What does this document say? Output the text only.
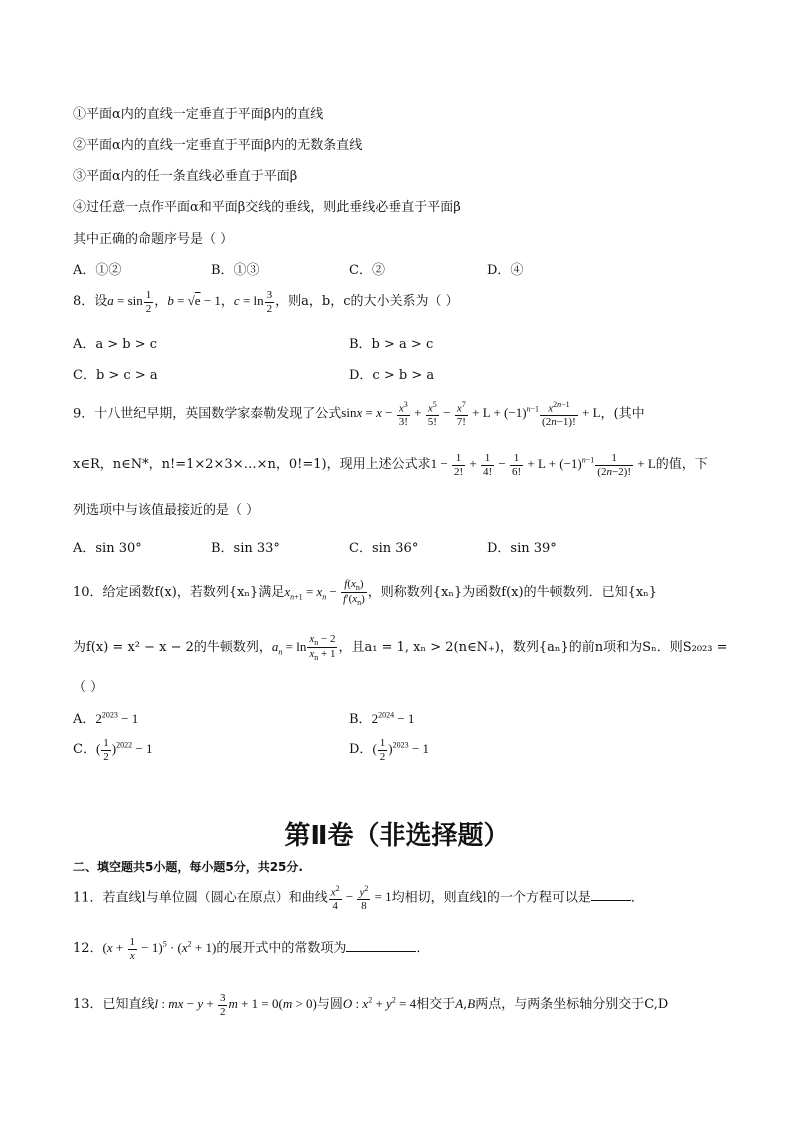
①平面α内的直线一定垂直于平面β内的直线
②平面α内的直线一定垂直于平面β内的无数条直线
③平面α内的任一条直线必垂直于平面β
④过任意一点作平面α和平面β交线的垂线，则此垂线必垂直于平面β
其中正确的命题序号是（ ）
A．①②	B．①③	C．②	D．④
8．设$a = \sin \frac{1}{2}$ ，b = √e − 1，$c = \ln \frac{3}{2}$ ，则a，b，c的大小关系为（ ）
A．a > b > c	B．b > a > c
C．b > c > a	D．c > b > a
9．十八世纪早期，英国数学家泰勒发现了公式$\sin x = x - \frac{x^3}{3!} + \frac{x^5}{5!} - \frac{x^7}{7!} + L + (-1)^{n-1} \frac{x^{2n-1}}{(2n-1)!} + L$，(其中
x∈R，n∈N*，n!=1×2×3×…×n，0!=1)，现用上述公式求$1 - \frac{1}{2!} + \frac{1}{4!} - \frac{1}{6!} + L + (-1)^{n-1} \frac{1}{(2n-2)!} + L$的值，下
列选项中与该值最接近的是（ ）
A．sin 30°	B．sin 33°	C．sin 36°	D．sin 39°
10．给定函数f(x)，若数列{xₙ}满足$x_{n+1} = x_n - \frac{f(x_n)}{f'(x_n)}$ ，则称数列{xₙ}为函数f(x)的牛顿数列．已知{xₙ}
为f(x) = x² − x − 2的牛顿数列，$a_n = \ln \frac{x_n - 2}{x_n + 1}$ ，且a₁ = 1, xₙ > 2(n∈N₊)，数列{aₙ}的前n项和为Sₙ．则S₂₀₂₃ =
（ ）
A．$2^{2023} - 1$	B．$2^{2024} - 1$
C．( $\frac{1}{2} )^{2022} - 1$	D．( $\frac{1}{2} )^{2023} - 1$
第Ⅱ卷（非选择题）
二、填空题共5小题，每小题5分，共25分.
11．若直线l与单位圆（圆心在原点）和曲线 $\frac{x^2}{4} - \frac{y^2}{8} = 1$均相切，则直线l的一个方程可以是	．
12．$(x + \frac{1}{x} - 1)^5 \cdot (x^2 + 1)$的展开式中的常数项为	．
13．已知直线l : mx − $y + \frac{3}{2}$ m + 1 = 0(m > 0)与圆O : $x^2 + y^2 = 4$相交于A,B两点，与两条坐标轴分别交于C,D
